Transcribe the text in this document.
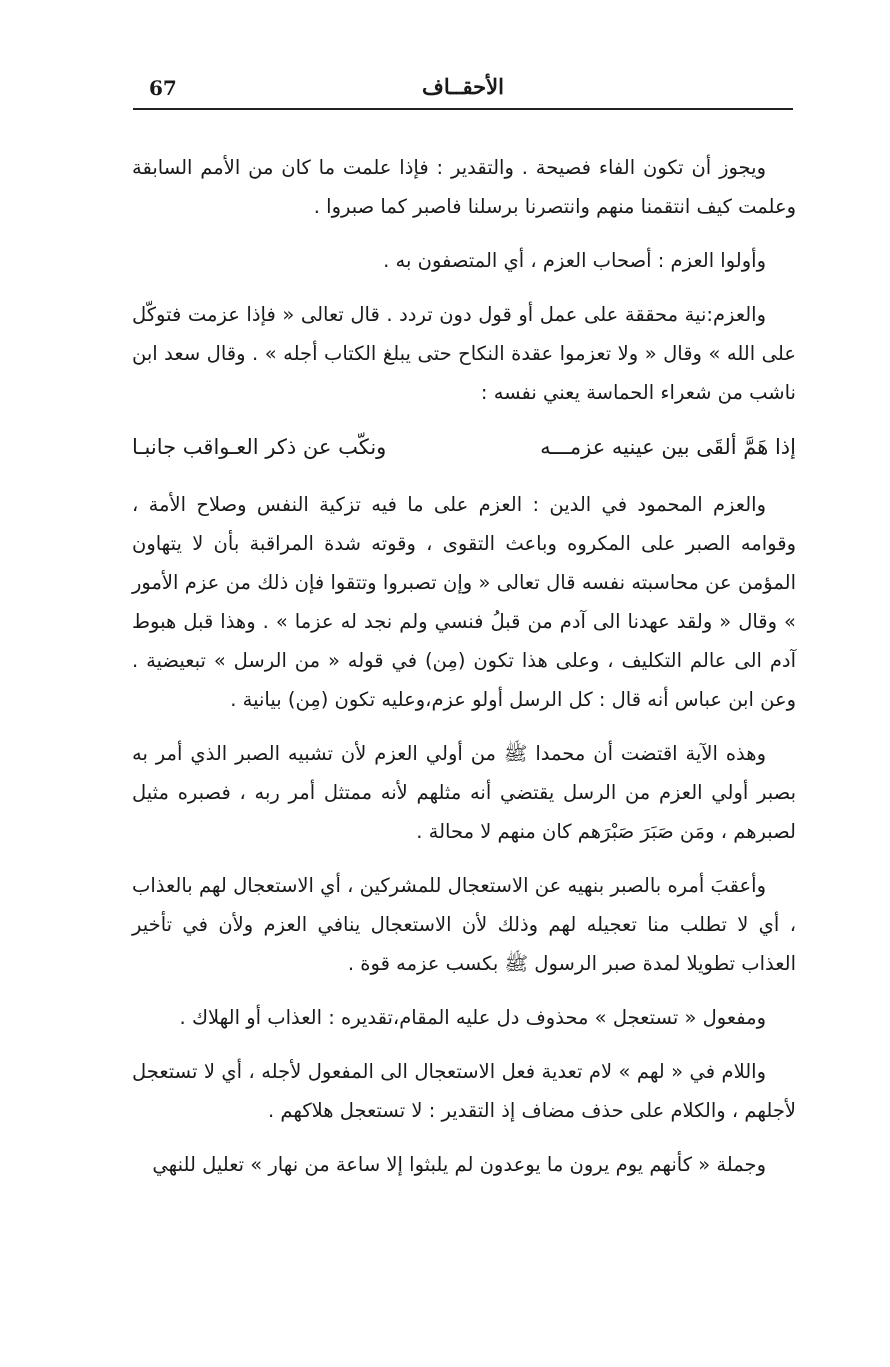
67	الأحقــاف

ويجوز أن تكون الفاء فصيحة . والتقدير : فإذا علمت ما كان من الأمم السابقة وعلمت كيف انتقمنا منهم وانتصرنا برسلنا فاصبر كما صبروا .

وأولوا العزم : أصحاب العزم ، أي المتصفون به .

والعزم:نية محققة على عمل أو قول دون تردد . قال تعالى « فإذا عزمت فتوكّل على الله » وقال « ولا تعزموا عقدة النكاح حتى يبلغ الكتاب أجله » . وقال سعد ابن ناشب من شعراء الحماسة يعني نفسه :

إذا هَمَّ ألقَى بين عينيه عزمـــه
ونكّب عن ذكر العـواقب جانبـا

والعزم المحمود في الدين : العزم على ما فيه تزكية النفس وصلاح الأمة ، وقوامه الصبر على المكروه وباعث التقوى ، وقوته شدة المراقبة بأن لا يتهاون المؤمن عن محاسبته نفسه قال تعالى « وإن تصبروا وتتقوا فإن ذلك من عزم الأمور » وقال « ولقد عهدنا الى آدم من قبلُ فنسي ولم نجد له عزما » . وهذا قبل هبوط آدم الى عالم التكليف ، وعلى هذا تكون (مِن) في قوله « من الرسل » تبعيضية . وعن ابن عباس أنه قال : كل الرسل أولو عزم،وعليه تكون (مِن) بيانية .

وهذه الآية اقتضت أن محمدا ﷺ من أولي العزم لأن تشبيه الصبر الذي أمر به بصبر أولي العزم من الرسل يقتضي أنه مثلهم لأنه ممتثل أمر ربه ، فصبره مثيل لصبرهم ، ومَن صَبَرَ صَبْرَهم كان منهم لا محالة .

وأعقبَ أمره بالصبر بنهيه عن الاستعجال للمشركين ، أي الاستعجال لهم بالعذاب ، أي لا تطلب منا تعجيله لهم وذلك لأن الاستعجال ينافي العزم ولأن في تأخير العذاب تطويلا لمدة صبر الرسول ﷺ بكسب عزمه قوة .

ومفعول « تستعجل » محذوف دل عليه المقام،تقديره : العذاب أو الهلاك .

واللام في « لهم » لام تعدية فعل الاستعجال الى المفعول لأجله ، أي لا تستعجل لأجلهم ، والكلام على حذف مضاف إذ التقدير : لا تستعجل هلاكهم .

وجملة « كأنهم يوم يرون ما يوعدون لم يلبثوا إلا ساعة من نهار » تعليل للنهي
